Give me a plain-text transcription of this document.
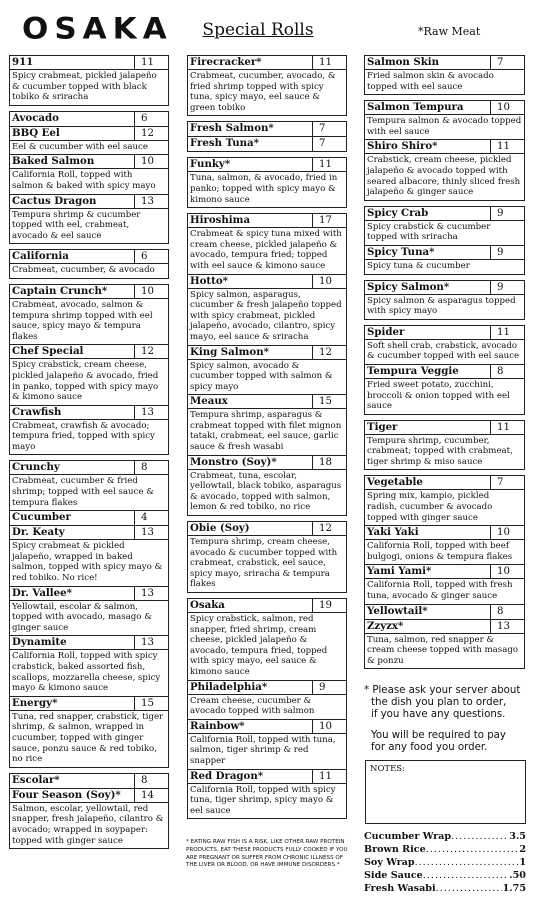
OSAKA	Special Rolls	*Raw Meat
911	11
Spicy crabmeat, pickled jalapeño & cucumber topped with black tobiko & sriracha
Avocado	6
BBQ Eel	12
Eel & cucumber with eel sauce
Baked Salmon	10
California Roll, topped with salmon & baked with spicy mayo
Cactus Dragon	13
Tempura shrimp & cucumber topped with eel, crabmeat, avocado & eel sauce
California	6
Crabmeat, cucumber, & avocado
Captain Crunch*	10
Crabmeat, avocado, salmon & tempura shrimp topped with eel sauce, spicy mayo & tempura flakes
Chef Special	12
Spicy crabstick, cream cheese, pickled jalapeño & avocado, fried in panko, topped with spicy mayo & kimono sauce
Crawfish	13
Crabmeat, crawfish & avocado; tempura fried, topped with spicy mayo
Crunchy	8
Crabmeat, cucumber & fried shrimp; topped with eel sauce & tempura flakes
Cucumber	4
Dr. Keaty	13
Spicy crabmeat & pickled jalapeño, wrapped in baked salmon, topped with spicy mayo & red tobiko. No rice!
Dr. Vallee*	13
Yellowtail, escolar & salmon, topped with avocado, masago & ginger sauce
Dynamite	13
California Roll, topped with spicy crabstick, baked assorted fish, scallops, mozzarella cheese, spicy mayo & kimono sauce
Energy*	15
Tuna, red snapper, crabstick, tiger shrimp, & salmon, wrapped in cucumber, topped with ginger sauce, ponzu sauce & red tobiko, no rice
Escolar*	8
Four Season (Soy)*	14
Salmon, escolar, yellowtail, red snapper, fresh jalapeño, cilantro & avocado; wrapped in soypaper: topped with ginger sauce
Firecracker*	11
Crabmeat, cucumber, avocado, & fried shrimp topped with spicy tuna, spicy mayo, eel sauce & green tobiko
Fresh Salmon*	7
Fresh Tuna*	7
Funky*	11
Tuna, salmon, & avocado, fried in panko; topped with spicy mayo & kimono sauce
Hiroshima	17
Crabmeat & spicy tuna mixed with cream cheese, pickled jalapeño & avocado, tempura fried; topped with eel sauce & kimono sauce
Hotto*	10
Spicy salmon, asparagus, cucumber & fresh jalapeño topped with spicy crabmeat, pickled jalapeño, avocado, cilantro, spicy mayo, eel sauce & sriracha
King Salmon*	12
Spicy salmon, avocado & cucumber topped with salmon & spicy mayo
Meaux	15
Tempura shrimp, asparagus & crabmeat topped with filet mignon tataki, crabmeat, eel sauce, garlic sauce & fresh wasabi
Monstro (Soy)*	18
Crabmeat, tuna, escolar, yellowtail, black tobiko, asparagus & avocado, topped with salmon, lemon & red tobiko, no rice
Obie (Soy)	12
Tempura shrimp, cream cheese, avocado & cucumber topped with crabmeat, crabstick, eel sauce, spicy mayo, sriracha & tempura flakes
Osaka	19
Spicy crabstick, salmon, red snapper, fried shrimp, cream cheese, pickled jalapeño & avocado, tempura fried, topped with spicy mayo, eel sauce & kimono sauce
Philadelphia*	9
Cream cheese, cucumber & avocado topped with salmon
Rainbow*	10
California Roll, topped with tuna, salmon, tiger shrimp & red snapper
Red Dragon*	11
California Roll, topped with spicy tuna, tiger shrimp, spicy mayo & eel sauce
Salmon Skin	7
Fried salmon skin & avocado topped with eel sauce
Salmon Tempura	10
Tempura salmon & avocado topped with eel sauce
Shiro Shiro*	11
Crabstick, cream cheese, pickled jalapeño & avocado topped with seared albacore, thinly sliced fresh jalapeño & ginger sauce
Spicy Crab	9
Spicy crabstick & cucumber topped with sriracha
Spicy Tuna*	9
Spicy tuna & cucumber
Spicy Salmon*	9
Spicy salmon & asparagus topped with spicy mayo
Spider	11
Soft shell crab, crabstick, avocado & cucumber topped with eel sauce
Tempura Veggie	8
Fried sweet potato, zucchini, broccoli & onion topped with eel sauce
Tiger	11
Tempura shrimp, cucumber, crabmeat; topped with crabmeat, tiger shrimp & miso sauce
Vegetable	7
Spring mix, kampio, pickled radish, cucumber & avocado topped with ginger sauce
Yaki Yaki	10
California Roll, topped with beef bulgogi, onions & tempura flakes
Yami Yami*	10
California Roll, topped with fresh tuna, avocado & ginger sauce
Yellowtail*	8
Zzyzx*	13
Tuna, salmon, red snapper & cream cheese topped with masago & ponzu
* EATING RAW FISH IS A RISK, LIKE OTHER RAW PROTEIN PRODUCTS. EAT THESE PRODUCTS FULLY COOKED IF YOU ARE PREGNANT OR SUFFER FROM CHRONIC ILLNESS OF THE LIVER OR BLOOD, OR HAVE IMMUNE DISORDERS.*

* Please ask your server about

the dish you plan to order,

if you have any questions.

You will be required to pay

for any food you order.

NOTES:
Cucumber Wrap .....	3.5
Brown Rice .....	2
Soy Wrap .....	1
Side Sauce .....	.50
Fresh Wasabi .....	1.75
